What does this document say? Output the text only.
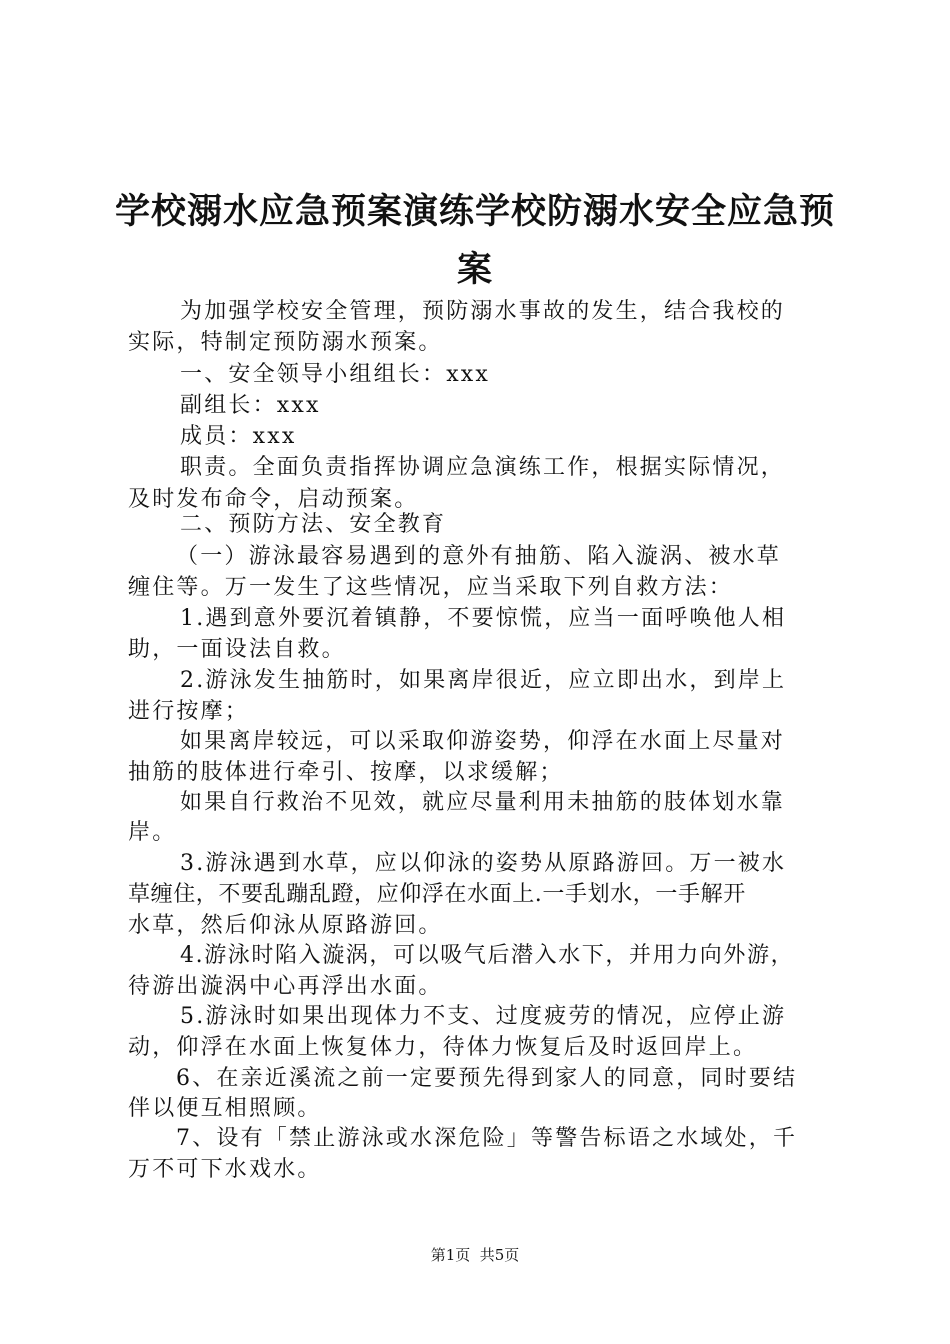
学校溺水应急预案演练学校防溺水安全应急预
案
为加强学校安全管理，预防溺水事故的发生，结合我校的
实际，特制定预防溺水预案。
一、安全领导小组组长：xxx
副组长：xxx
成员：xxx
职责。全面负责指挥协调应急演练工作，根据实际情况，
及时发布命令，启动预案。
二、预防方法、安全教育
（一）游泳最容易遇到的意外有抽筋、陷入漩涡、被水草
缠住等。万一发生了这些情况，应当采取下列自救方法：
1.遇到意外要沉着镇静，不要惊慌，应当一面呼唤他人相
助，一面设法自救。
2.游泳发生抽筋时，如果离岸很近，应立即出水，到岸上
进行按摩；
如果离岸较远，可以采取仰游姿势，仰浮在水面上尽量对
抽筋的肢体进行牵引、按摩，以求缓解；
如果自行救治不见效，就应尽量利用未抽筋的肢体划水靠
岸。
3.游泳遇到水草，应以仰泳的姿势从原路游回。万一被水
草缠住，不要乱蹦乱蹬，应仰浮在水面上.一手划水，一手解开
水草，然后仰泳从原路游回。
4.游泳时陷入漩涡，可以吸气后潜入水下，并用力向外游，
待游出漩涡中心再浮出水面。
5.游泳时如果出现体力不支、过度疲劳的情况，应停止游
动，仰浮在水面上恢复体力，待体力恢复后及时返回岸上。
6、在亲近溪流之前一定要预先得到家人的同意，同时要结
伴以便互相照顾。
7、设有「禁止游泳或水深危险」等警告标语之水域处，千
万不可下水戏水。
第1页  共5页
